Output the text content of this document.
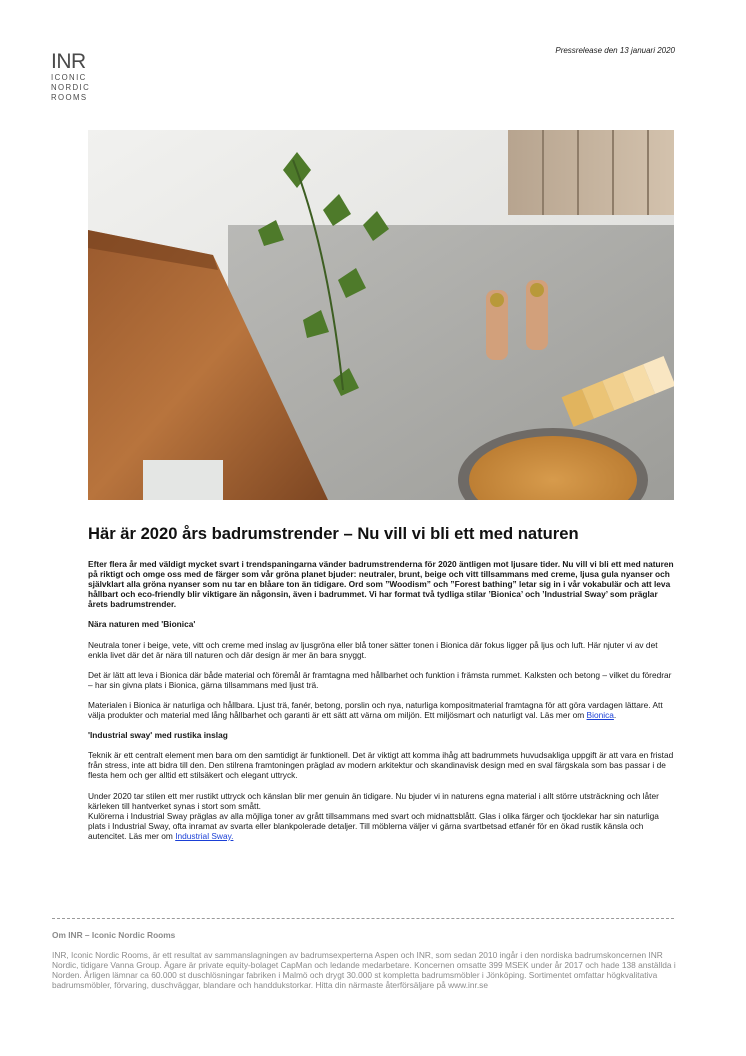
INR
ICONIC
NORDIC
ROOMS
Pressrelease den 13 januari 2020
Här är 2020 års badrumstrender – Nu vill vi bli ett med naturen

Efter flera år med väldigt mycket svart i trendspaningarna vänder badrumstrenderna för 2020 äntligen mot ljusare tider. Nu vill vi bli ett med naturen på riktigt och omge oss med de färger som vår gröna planet bjuder: neutraler, brunt, beige och vitt tillsammans med creme, ljusa gula nyanser och självklart alla gröna nyanser som nu tar en blåare ton än tidigare. Ord som ”Woodism” och ”Forest bathing” letar sig in i vår vokabulär och att leva hållbart och eco-friendly blir viktigare än någonsin, även i badrummet. Vi har format två tydliga stilar ’Bionica’ och ’Industrial Sway’ som präglar årets badrumstrender.

Nära naturen med 'Bionica'

Neutrala toner i beige, vete, vitt och creme med inslag av ljusgröna eller blå toner sätter tonen i Bionica där fokus ligger på ljus och luft. Här njuter vi av det enkla livet där det är nära till naturen och där design är mer än bara snyggt.

Det är lätt att leva i Bionica där både material och föremål är framtagna med hållbarhet och funktion i främsta rummet. Kalksten och betong – vilket du föredrar – har sin givna plats i Bionica, gärna tillsammans med ljust trä.

Materialen i Bionica är naturliga och hållbara. Ljust trä, fanér, betong, porslin och nya, naturliga kompositmaterial framtagna för att göra vardagen lättare. Att välja produkter och material med lång hållbarhet och garanti är ett sätt att värna om miljön. Ett miljösmart och naturligt val. Läs mer om Bionica.

'Industrial sway' med rustika inslag

Teknik är ett centralt element men bara om den samtidigt är funktionell. Det är viktigt att komma ihåg att badrummets huvudsakliga uppgift är att vara en fristad från stress, inte att bidra till den. Den stilrena framtoningen präglad av modern arkitektur och skandinavisk design med en sval färgskala som bas passar i de flesta hem och ger alltid ett stilsäkert och elegant uttryck.

Under 2020 tar stilen ett mer rustikt uttryck och känslan blir mer genuin än tidigare. Nu bjuder vi in naturens egna material i allt större utsträckning och låter kärleken till hantverket synas i stort som smått.
Kulörerna i Industrial Sway präglas av alla möjliga toner av grått tillsammans med svart och midnattsblått. Glas i olika färger och tjocklekar har sin naturliga plats i Industrial Sway, ofta inramat av svarta eller blankpolerade detaljer. Till möblerna väljer vi gärna svartbetsad etfanér för en ökad rustik känsla och autencitet. Läs mer om Industrial Sway.

Om INR – Iconic Nordic Rooms

INR, Iconic Nordic Rooms, är ett resultat av sammanslagningen av badrumsexperterna Aspen och INR, som sedan 2010 ingår i den nordiska badrumskoncernen INR Nordic, tidigare Vanna Group. Ägare är private equity-bolaget CapMan och ledande medarbetare. Koncernen omsatte 399 MSEK under år 2017 och hade 138 anställda i Norden. Årligen lämnar ca 60.000 st duschlösningar fabriken i Malmö och drygt 30.000 st kompletta badrumsmöbler i Jönköping. Sortimentet omfattar högkvalitativa badrumsmöbler, förvaring, duschväggar, blandare och handdukstorkar. Hitta din närmaste återförsäljare på www.inr.se
